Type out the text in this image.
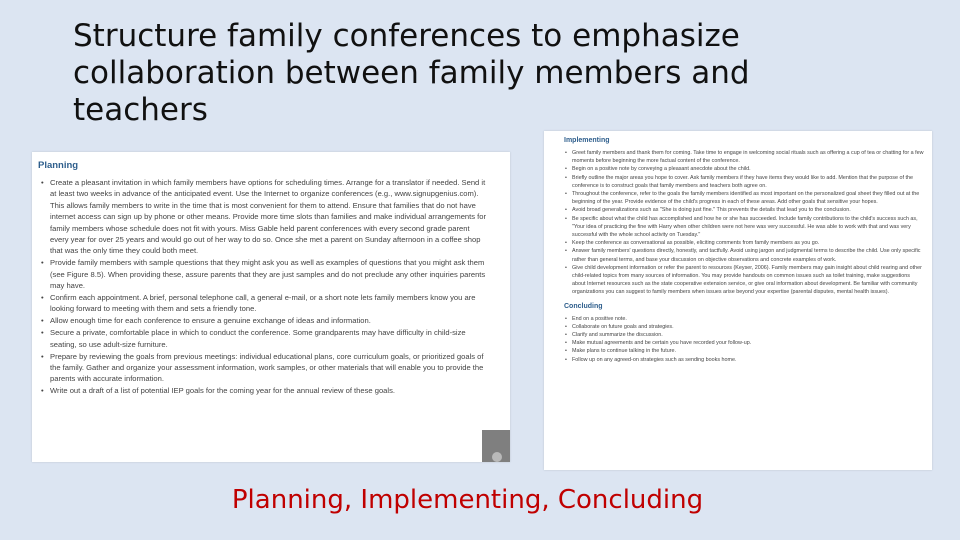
Structure family conferences to emphasize collaboration between family members and teachers
Planning
• Create a pleasant invitation in which family members have options for scheduling times. Arrange for a translator if needed. Send it at least two weeks in advance of the anticipated event. Use the Internet to organize conferences (e.g., www.signupgenius.com). This allows family members to write in the time that is most convenient for them to attend. Ensure that families that do not have internet access can sign up by phone or other means. Provide more time slots than families and make individual arrangements for family members whose schedule does not fit with yours. Miss Gable held parent conferences with every second grade parent every year for over 25 years and would go out of her way to do so. Once she met a parent on Sunday afternoon in a coffee shop that was the only time they could both meet.
• Provide family members with sample questions that they might ask you as well as examples of questions that you might ask them (see Figure 8.5). When providing these, assure parents that they are just samples and do not preclude any other inquiries parents may have.
• Confirm each appointment. A brief, personal telephone call, a general e-mail, or a short note lets family members know you are looking forward to meeting with them and sets a friendly tone.
• Allow enough time for each conference to ensure a genuine exchange of ideas and information.
• Secure a private, comfortable place in which to conduct the conference. Some grandparents may have difficulty in child-size seating, so use adult-size furniture.
• Prepare by reviewing the goals from previous meetings: individual educational plans, core curriculum goals, or prioritized goals of the family. Gather and organize your assessment information, work samples, or other materials that will enable you to provide the parents with accurate information.
• Write out a draft of a list of potential IEP goals for the coming year for the annual review of these goals.
Implementing
• Greet family members and thank them for coming. Take time to engage in welcoming social rituals such as offering a cup of tea or chatting for a few moments before beginning the more factual content of the conference.
• Begin on a positive note by conveying a pleasant anecdote about the child.
• Briefly outline the major areas you hope to cover. Ask family members if they have items they would like to add. Mention that the purpose of the conference is to construct goals that family members and teachers both agree on.
• Throughout the conference, refer to the goals the family members identified as most important on the personalized goal sheet they filled out at the beginning of the year. Provide evidence of the child's progress in each of these areas. Add other goals that sensitive your hopes.
• Avoid broad generalizations such as "She is doing just fine." This prevents the details that lead you to the conclusion.
• Be specific about what the child has accomplished and how he or she has succeeded. Include family contributions to the child's success such as, "Your idea of practicing the fine with Harry when other children were not here was very successful. He was able to work with that and was very successful with the whole school activity on Tuesday."
• Keep the conference as conversational as possible, eliciting comments from family members as you go.
• Answer family members' questions directly, honestly, and tactfully. Avoid using jargon and judgmental terms to describe the child. Use only specific rather than general terms, and base your discussion on objective observations and concrete examples of work.
• Give child development information or refer the parent to resources (Keyser, 2006). Family members may gain insight about child rearing and other child-related topics from many sources of information. You may provide handouts on common issues such as toilet training, make suggestions about Internet resources such as the state cooperative extension service, or give oral information about development. Be familiar with community organizations you can suggest to family members when issues arise beyond your expertise (parental disputes, mental health issues).
Concluding
• End on a positive note.
• Collaborate on future goals and strategies.
• Clarify and summarize the discussion.
• Make mutual agreements and be certain you have recorded your follow-up.
• Make plans to continue talking in the future.
• Follow up on any agreed-on strategies such as sending books home.

Planning, Implementing, Concluding
